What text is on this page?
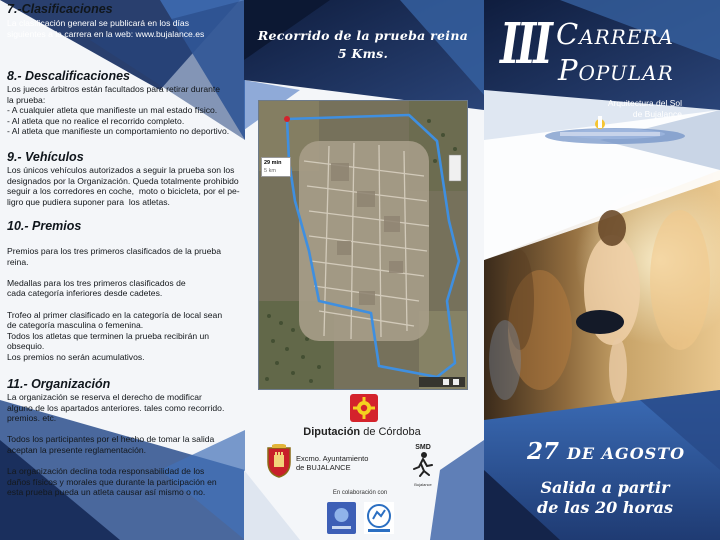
7.-Clasificaciones
La clasificación general se publicará en los días
siguientes a la carrera en la web: www.bujalance.es
8.- Descalificaciones
Los jueces árbitros están facultados para retirar durante
la prueba:
- A cualquier atleta que manifieste un mal estado físico.
- Al atleta que no realice el recorrido completo.
- Al atleta que manifieste un comportamiento no deportivo.
9.- Vehículos
Los únicos vehículos autorizados a seguir la prueba son los
designados por la Organización. Queda totalmente prohibido
seguir a los corredores en coche,  moto o bicicleta, por el pe-
ligro que pudiera suponer para  los atletas.
10.- Premios
Premios para los tres primeros clasificados de la prueba
reina.

Medallas para los tres primeros clasificados de
cada categoría inferiores desde cadetes.

Trofeo al primer clasificado en la categoría de local sean
de categoría masculina o femenina.
Todos los atletas que terminen la prueba recibirán un
obsequio.
Los premios no serán acumulativos.
11.- Organización
La organización se reserva el derecho de modificar
alguno de los apartados anteriores. tales como recorrido.
premios. etc.

Todos los participantes por el hecho de tomar la salida
aceptan la presente reglamentación.

La organización declina toda responsabilidad de los
daños físicos y morales que durante la participación en
esta prueba pueda un atleta causar así mismo o no.
Recorrido de la prueba reina
5 Kms.
29 min
5 km
Diputación de Córdoba
Excmo. Ayuntamiento
de BUJALANCE
SMD
Bujalance
En colaboración con
III CARRERA
POPULAR
Arquitectura del Sol
de Bujalance
27 DE AGOSTO
Salida a partir
de las 20 horas
